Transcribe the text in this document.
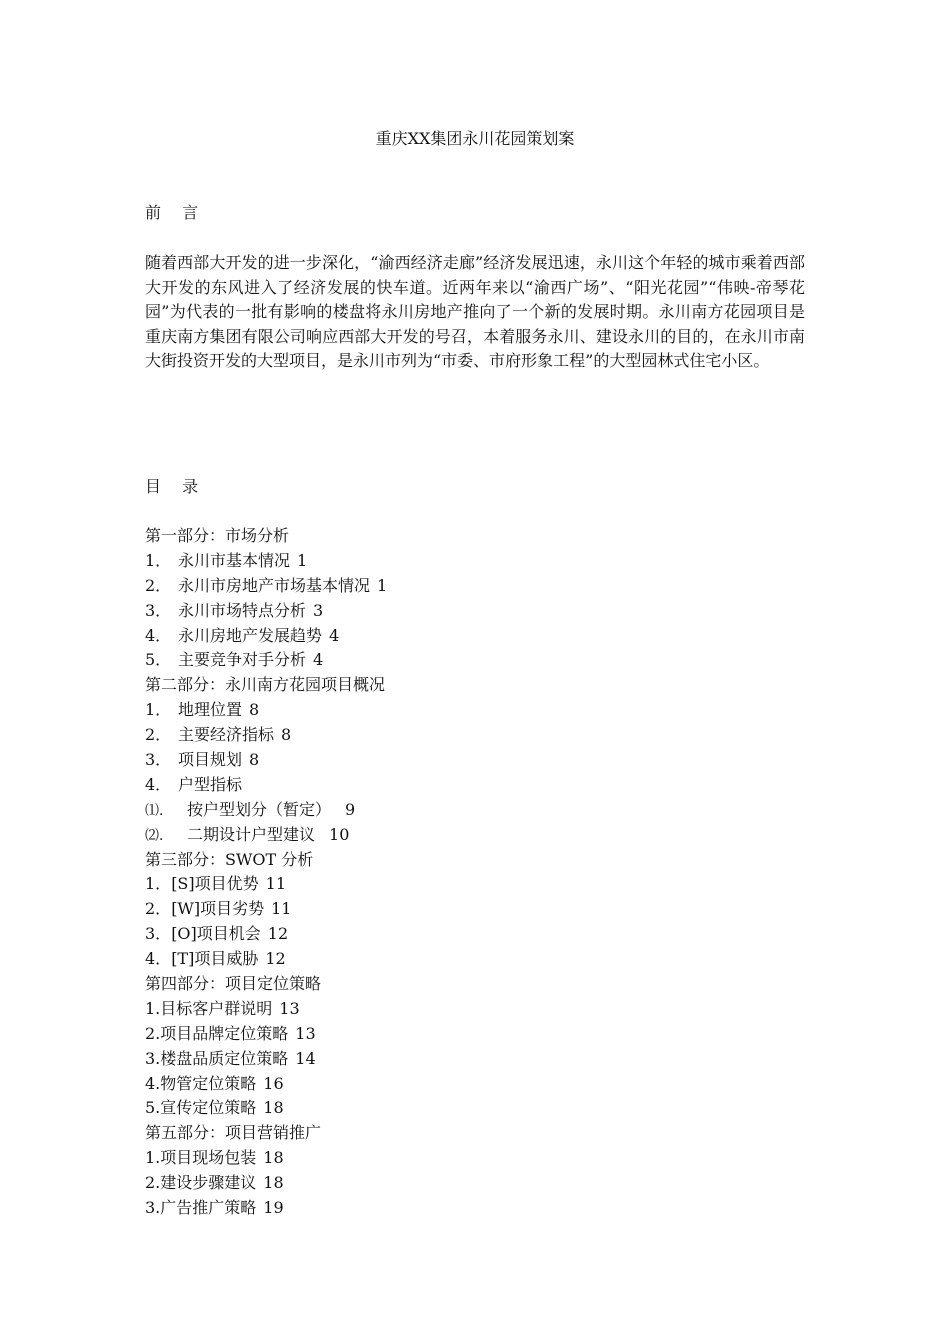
重庆XX集团永川花园策划案
前 言

随着西部大开发的进一步深化，“渝西经济走廊”经济发展迅速，永川这个年轻的城市乘着西部大开发的东风进入了经济发展的快车道。近两年来以“渝西广场”、“阳光花园”“伟映-帝琴花园”为代表的一批有影响的楼盘将永川房地产推向了一个新的发展时期。永川南方花园项目是重庆南方集团有限公司响应西部大开发的号召，本着服务永川、建设永川的目的，在永川市南大街投资开发的大型项目，是永川市列为“市委、市府形象工程”的大型园林式住宅小区。

目 录
第一部分：市场分析
1． 永川市基本情况 1
2． 永川市房地产市场基本情况 1
3． 永川市场特点分析 3
4． 永川房地产发展趋势 4
5． 主要竞争对手分析 4
第二部分：永川南方花园项目概况
1． 地理位置 8
2． 主要经济指标 8
3． 项目规划 8
4． 户型指标
⑴. 按户型划分（暂定） 9
⑵. 二期设计户型建议 10
第三部分：SWOT 分析
1．[S]项目优势 11
2．[W]项目劣势 11
3．[O]项目机会 12
4．[T]项目威胁 12
第四部分：项目定位策略
1.目标客户群说明 13
2.项目品牌定位策略 13
3.楼盘品质定位策略 14
4.物管定位策略 16
5.宣传定位策略 18
第五部分：项目营销推广
1.项目现场包装 18
2.建设步骤建议 18
3.广告推广策略 19
